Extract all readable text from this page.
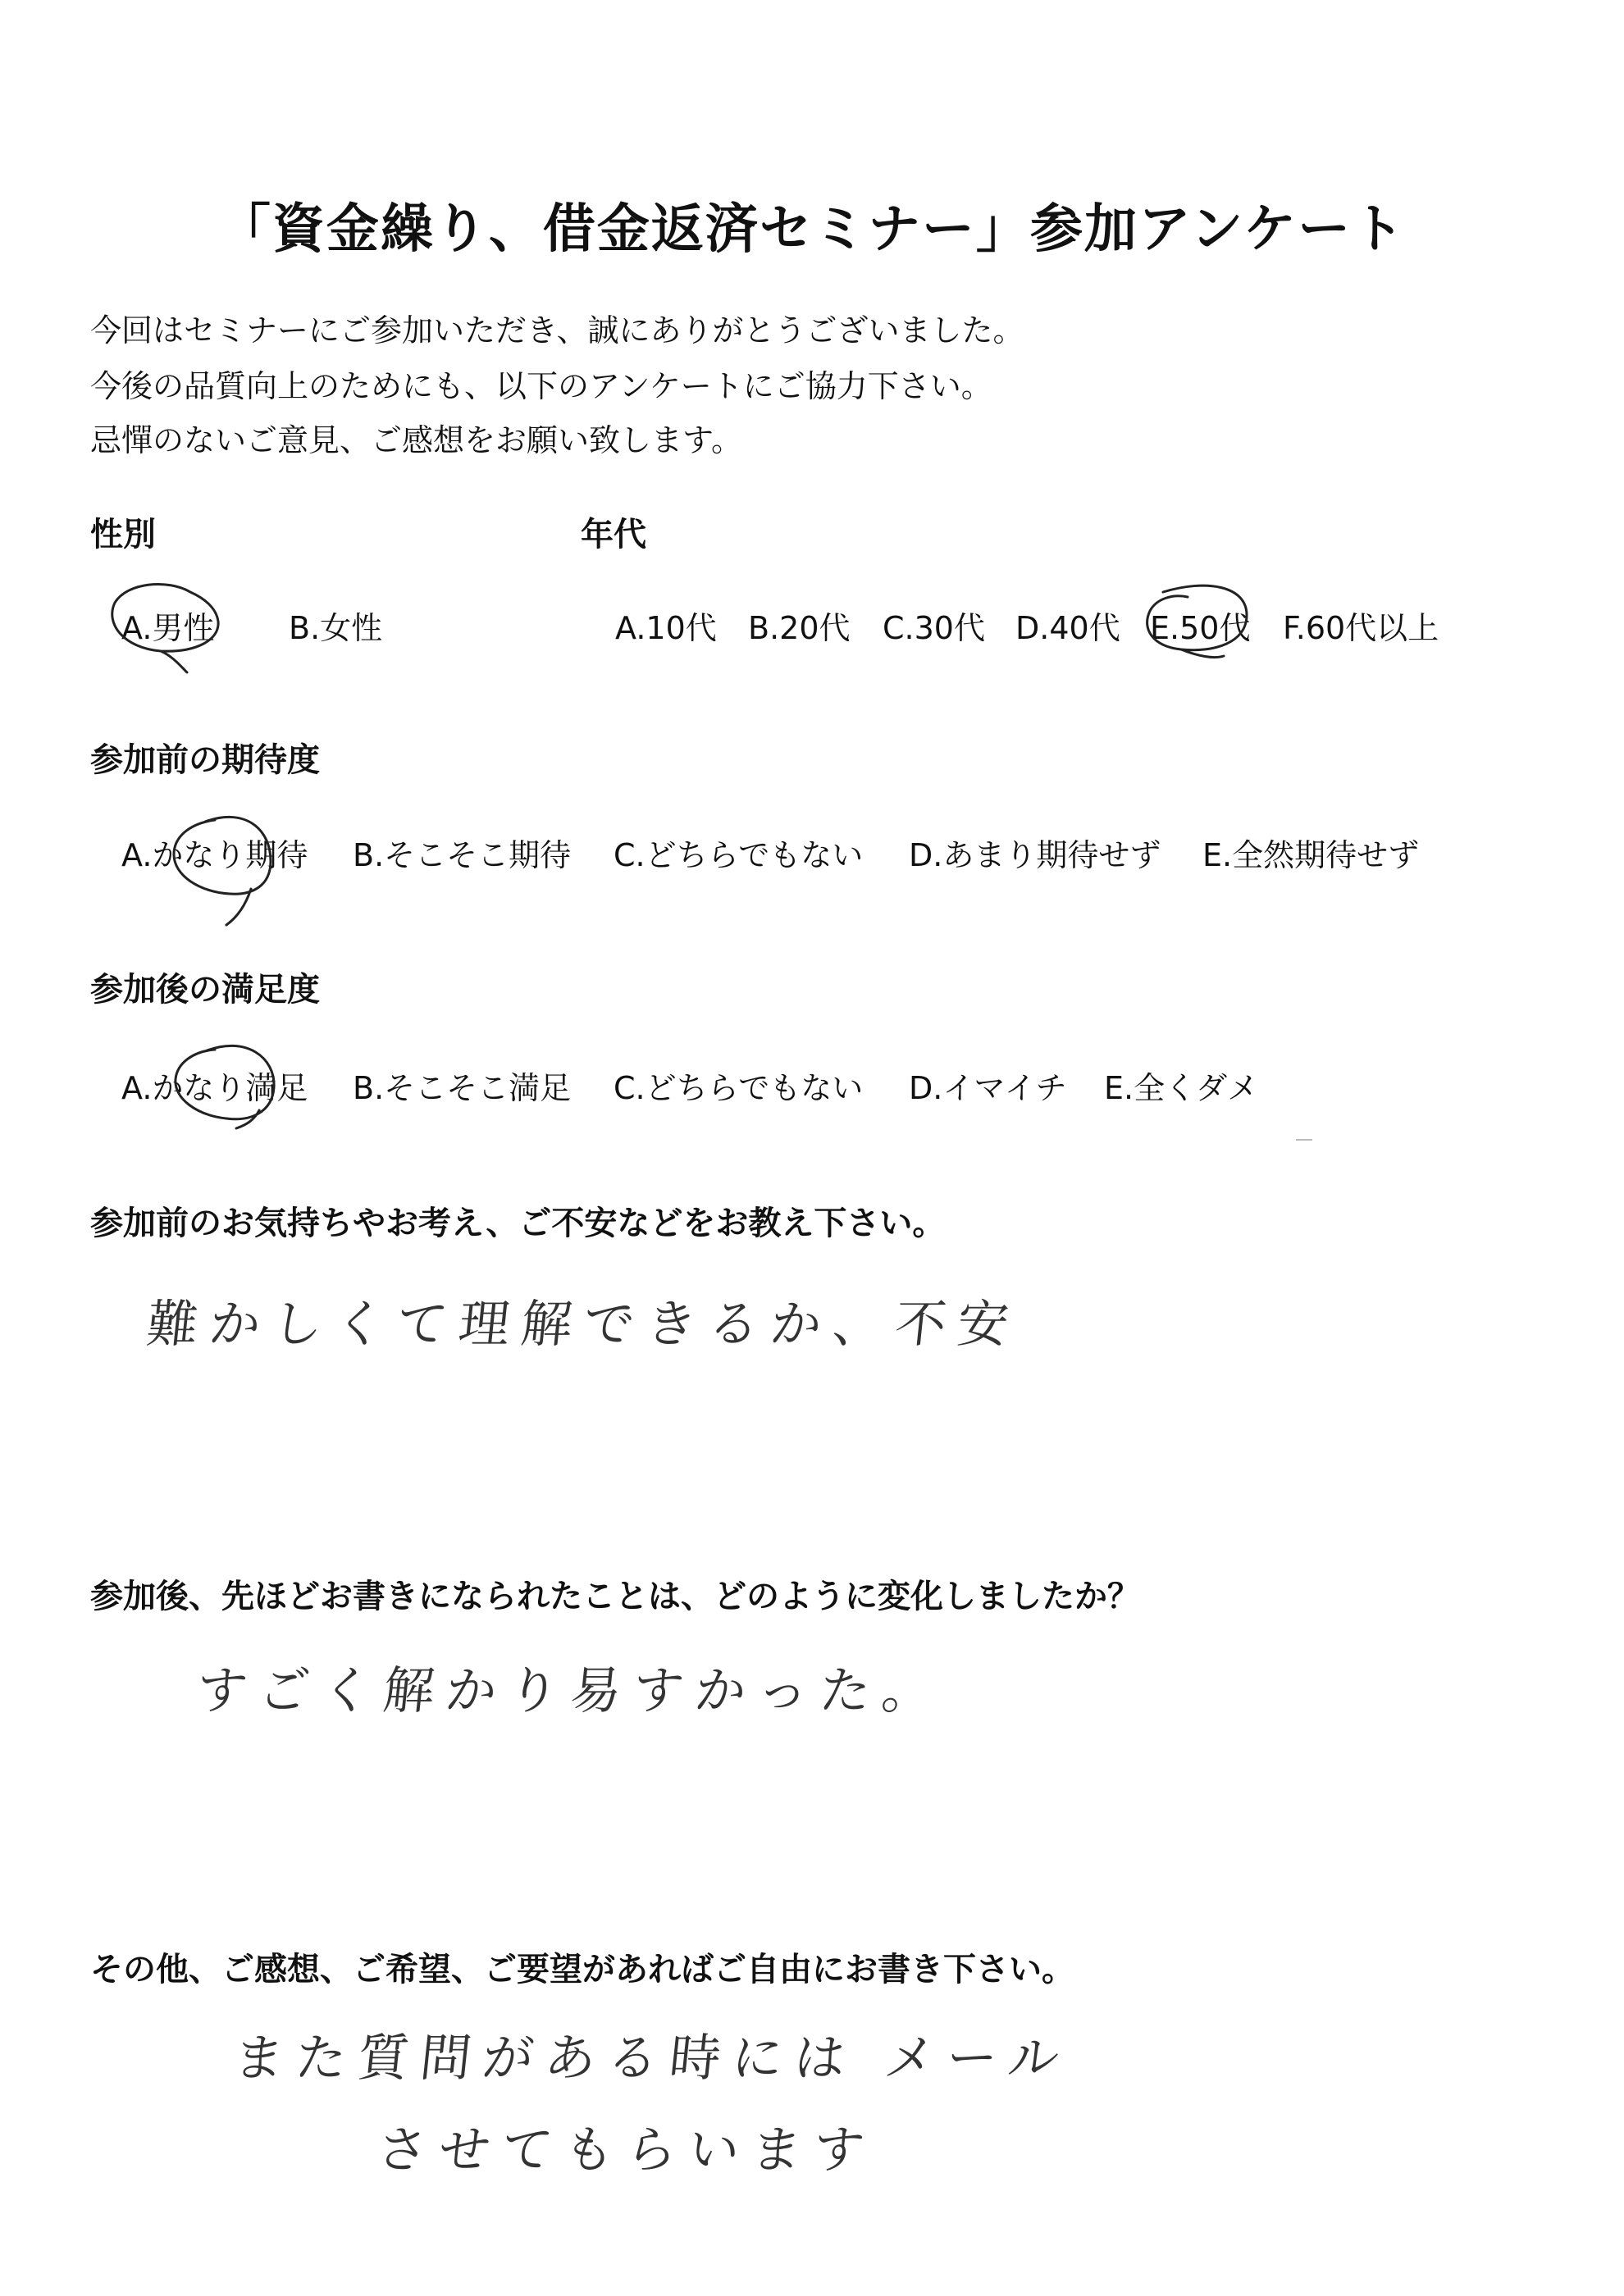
「資金繰り、借金返済セミナー」参加アンケート
今回はセミナーにご参加いただき、誠にありがとうございました。
今後の品質向上のためにも、以下のアンケートにご協力下さい。
忌憚のないご意見、ご感想をお願い致します。
性別
A.男性 B.女性
年代
A.10代 B.20代 C.30代 D.40代 E.50代 F.60代以上
参加前の期待度
A.かなり期待 B.そこそこ期待 C.どちらでもない D.あまり期待せず E.全然期待せず
参加後の満足度
A.かなり満足 B.そこそこ満足 C.どちらでもない D.イマイチ E.全くダメ
参加前のお気持ちやお考え、ご不安などをお教え下さい。
難かしくて理解できるか、不安
参加後、先ほどお書きになられたことは、どのように変化しましたか？
すごく解かり易すかった。
その他、ご感想、ご希望、ご要望があればご自由にお書き下さい。
また質問がある時には メール
させてもらいます
